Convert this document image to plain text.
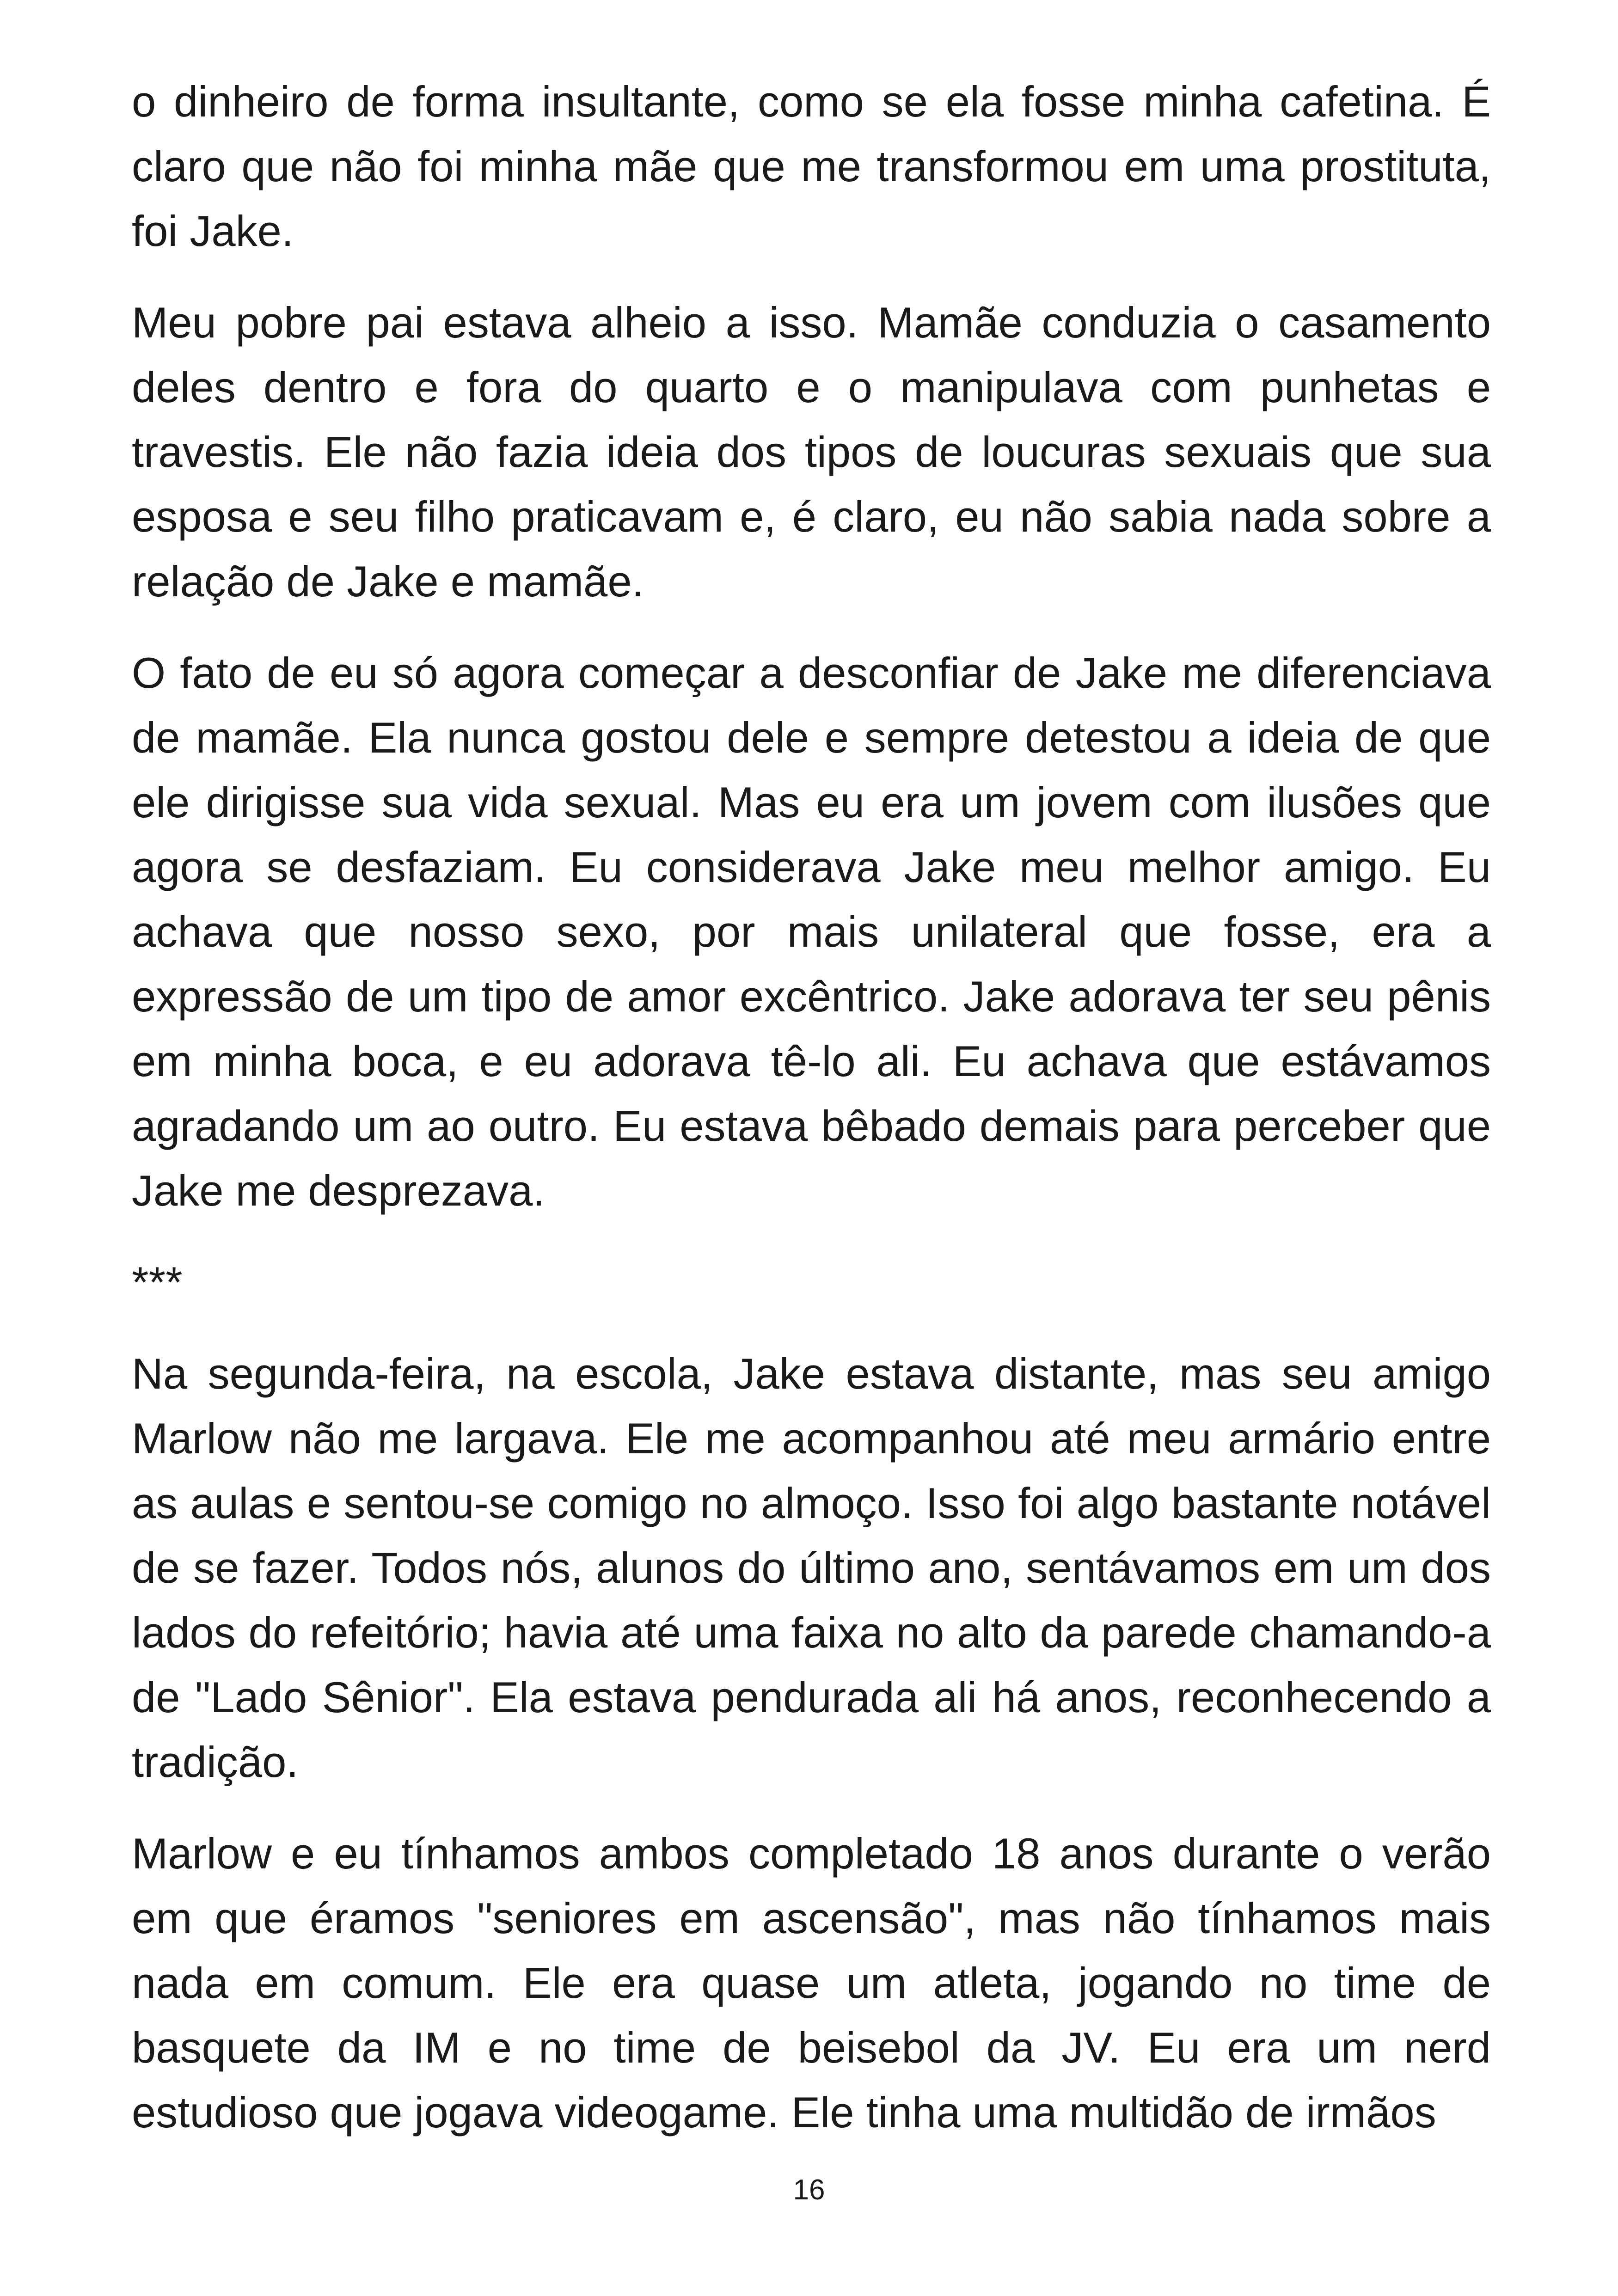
o dinheiro de forma insultante, como se ela fosse minha cafetina. É claro que não foi minha mãe que me transformou em uma prostituta, foi Jake.

Meu pobre pai estava alheio a isso. Mamãe conduzia o casamento deles dentro e fora do quarto e o manipulava com punhetas e travestis. Ele não fazia ideia dos tipos de loucuras sexuais que sua esposa e seu filho praticavam e, é claro, eu não sabia nada sobre a relação de Jake e mamãe.

O fato de eu só agora começar a desconfiar de Jake me diferenciava de mamãe. Ela nunca gostou dele e sempre detestou a ideia de que ele dirigisse sua vida sexual. Mas eu era um jovem com ilusões que agora se desfaziam. Eu considerava Jake meu melhor amigo. Eu achava que nosso sexo, por mais unilateral que fosse, era a expressão de um tipo de amor excêntrico. Jake adorava ter seu pênis em minha boca, e eu adorava tê-lo ali. Eu achava que estávamos agradando um ao outro. Eu estava bêbado demais para perceber que Jake me desprezava.

***

Na segunda-feira, na escola, Jake estava distante, mas seu amigo Marlow não me largava. Ele me acompanhou até meu armário entre as aulas e sentou-se comigo no almoço. Isso foi algo bastante notável de se fazer. Todos nós, alunos do último ano, sentávamos em um dos lados do refeitório; havia até uma faixa no alto da parede chamando-a de "Lado Sênior". Ela estava pendurada ali há anos, reconhecendo a tradição.

Marlow e eu tínhamos ambos completado 18 anos durante o verão em que éramos "seniores em ascensão", mas não tínhamos mais nada em comum. Ele era quase um atleta, jogando no time de basquete da IM e no time de beisebol da JV. Eu era um nerd estudioso que jogava videogame. Ele tinha uma multidão de irmãos

16
